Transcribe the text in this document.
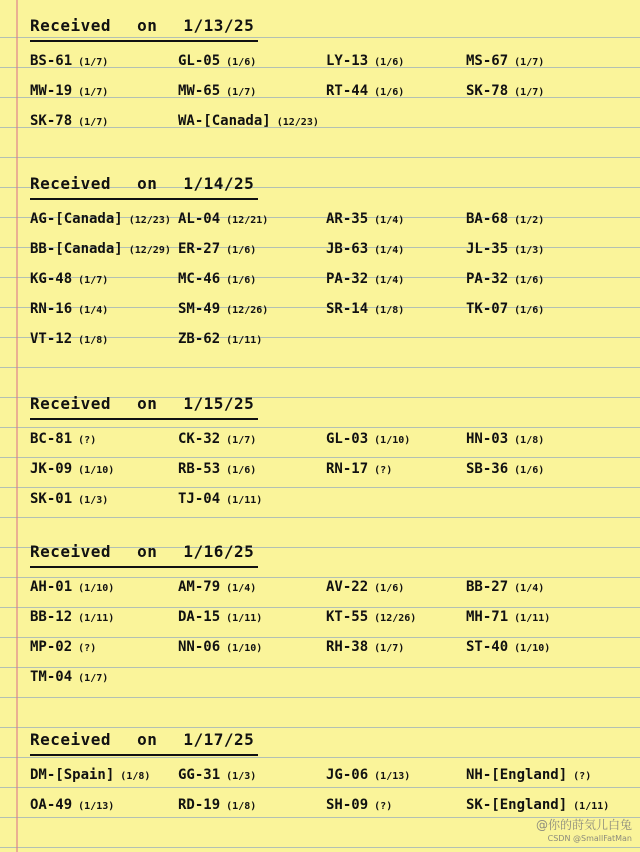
Received on 1/13/25
BS-61 (1/7)	GL-05 (1/6)	LY-13 (1/6)	MS-67 (1/7)
MW-19 (1/7)	MW-65 (1/7)	RT-44 (1/6)	SK-78 (1/7)
SK-78 (1/7)	WA-[Canada] (12/23)
Received on 1/14/25
AG-[Canada] (12/23) AL-04 (12/21)	AR-35 (1/4)	BA-68 (1/2)
BB-[Canada] (12/29) ER-27 (1/6)	JB-63 (1/4)	JL-35 (1/3)
KG-48 (1/7)	MC-46 (1/6)	PA-32 (1/4)	PA-32 (1/6)
RN-16 (1/4)	SM-49 (12/26)	SR-14 (1/8)	TK-07 (1/6)
VT-12 (1/8)	ZB-62 (1/11)
Received on 1/15/25
BC-81 (?)	CK-32 (1/7)	GL-03 (1/10)	HN-03 (1/8)
JK-09 (1/10)	RB-53 (1/6)	RN-17 (?)	SB-36 (1/6)
SK-01 (1/3)	TJ-04 (1/11)
Received on 1/16/25
AH-01 (1/10)	AM-79 (1/4)	AV-22 (1/6)	BB-27 (1/4)
BB-12 (1/11)	DA-15 (1/11)	KT-55 (12/26)	MH-71 (1/11)
MP-02 (?)	NN-06 (1/10)	RH-38 (1/7)	ST-40 (1/10)
TM-04 (1/7)
Received on 1/17/25
DM-[Spain] (1/8)	GG-31 (1/3)	JG-06 (1/13)	NH-[England] (?)
OA-49 (1/13)	RD-19 (1/8)	SH-09 (?)	SK-[England] (1/11)
@你的莳気儿白兔
CSDN @SmallFatMan
